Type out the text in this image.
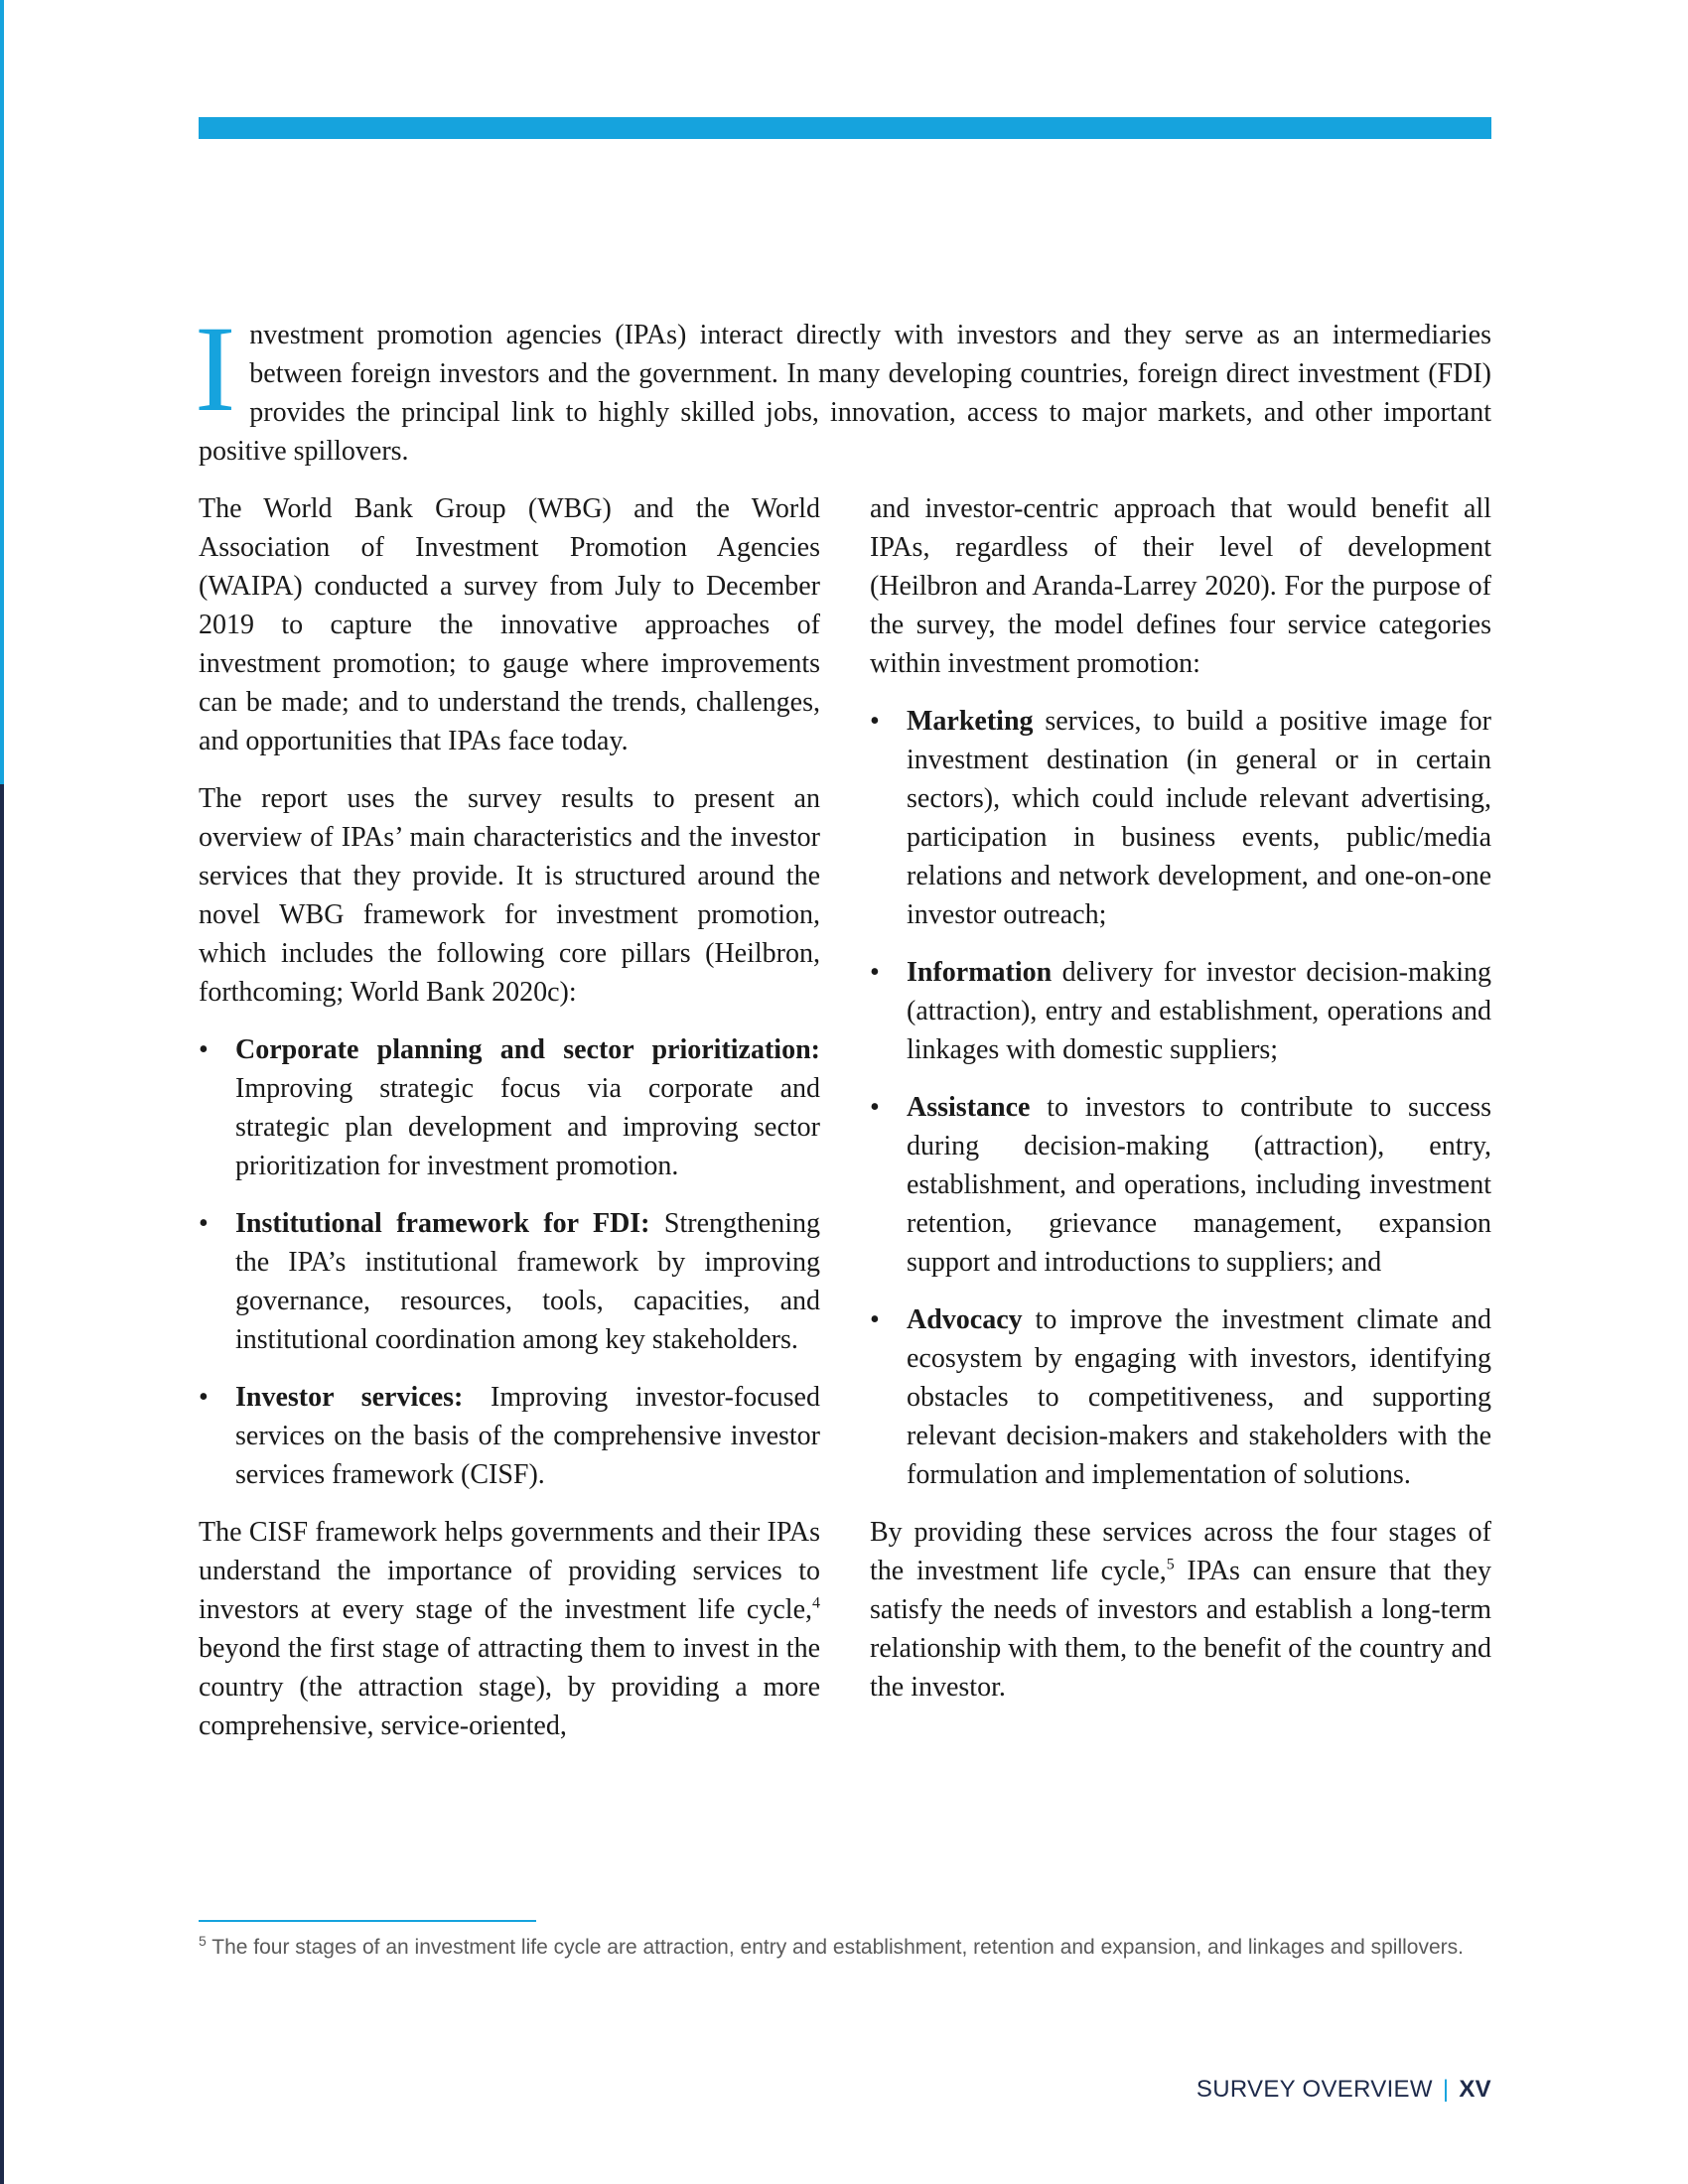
Investment promotion agencies (IPAs) interact directly with investors and they serve as an intermediaries between foreign investors and the government. In many developing countries, foreign direct investment (FDI) provides the principal link to highly skilled jobs, innovation, access to major markets, and other important positive spillovers.

The World Bank Group (WBG) and the World Association of Investment Promotion Agencies (WAIPA) conducted a survey from July to December 2019 to capture the innovative approaches of investment promotion; to gauge where improvements can be made; and to understand the trends, challenges, and opportunities that IPAs face today.

The report uses the survey results to present an overview of IPAs’ main characteristics and the investor services that they provide. It is structured around the novel WBG framework for investment promotion, which includes the following core pillars (Heilbron, forthcoming; World Bank 2020c):

• Corporate planning and sector prioritization: Improving strategic focus via corporate and strategic plan development and improving sector prioritization for investment promotion.
• Institutional framework for FDI: Strengthening the IPA’s institutional framework by improving governance, resources, tools, capacities, and institutional coordination among key stakeholders.
• Investor services: Improving investor-focused services on the basis of the comprehensive investor services framework (CISF).

The CISF framework helps governments and their IPAs understand the importance of providing services to investors at every stage of the investment life cycle,$^4$ beyond the first stage of attracting them to invest in the country (the attraction stage), by providing a more comprehensive, service-oriented,

and investor-centric approach that would benefit all IPAs, regardless of their level of development (Heilbron and Aranda-Larrey 2020). For the purpose of the survey, the model defines four service categories within investment promotion:

• Marketing services, to build a positive image for investment destination (in general or in certain sectors), which could include relevant advertising, participation in business events, public/media relations and network development, and one-on-one investor outreach;
• Information delivery for investor decision-making (attraction), entry and establishment, operations and linkages with domestic suppliers;
• Assistance to investors to contribute to success during decision-making (attraction), entry, establishment, and operations, including investment retention, grievance management, expansion support and introductions to suppliers; and
• Advocacy to improve the investment climate and ecosystem by engaging with investors, identifying obstacles to competitiveness, and supporting relevant decision-makers and stakeholders with the formulation and implementation of solutions.

By providing these services across the four stages of the investment life cycle,$^5$ IPAs can ensure that they satisfy the needs of investors and establish a long-term relationship with them, to the benefit of the country and the investor.

$^5$ The four stages of an investment life cycle are attraction, entry and establishment, retention and expansion, and linkages and spillovers.
SURVEY OVERVIEW | XV
